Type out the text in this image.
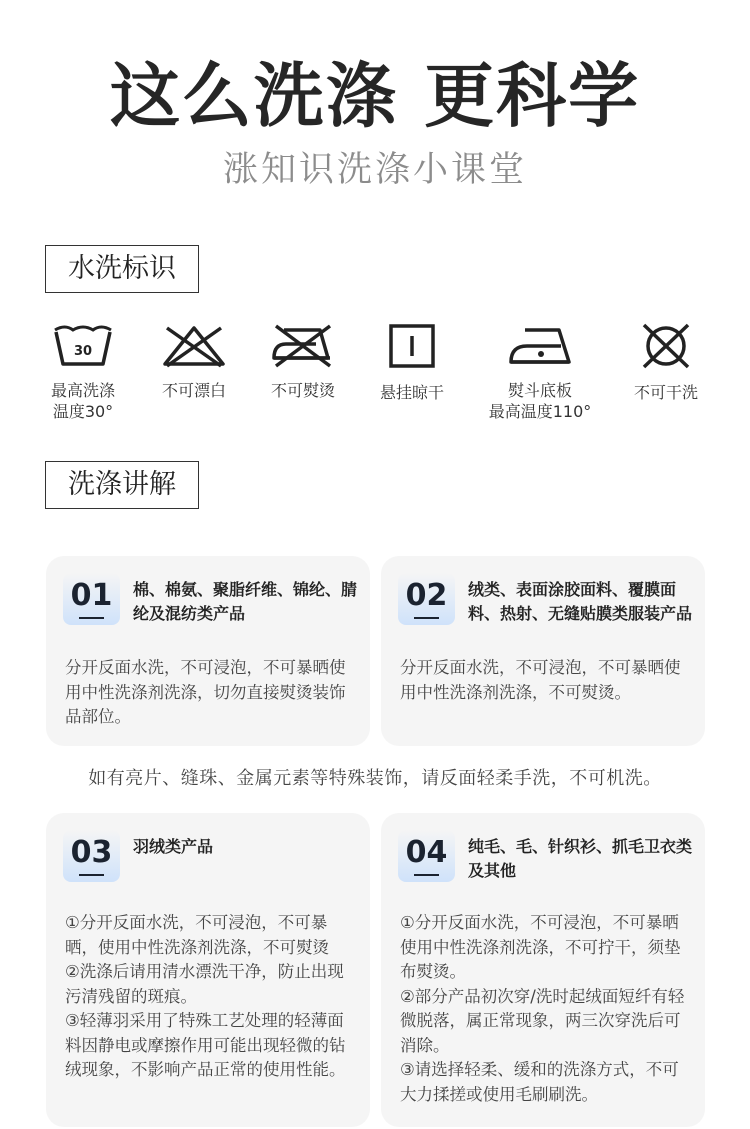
这么洗涤 更科学
涨知识洗涤小课堂
水洗标识
30
最高洗涤
温度30°
不可漂白	不可熨烫	悬挂晾干	熨斗底板
最高温度110°
不可干洗
洗涤讲解
01	棉、棉氨、聚脂纤维、锦纶、腈纶及混纺类产品

分开反面水洗，不可浸泡，不可暴晒使用中性洗涤剂洗涤，切勿直接熨烫装饰品部位。

02	绒类、表面涂胶面料、覆膜面料、热射、无缝贴膜类服装产品

分开反面水洗，不可浸泡，不可暴晒使用中性洗涤剂洗涤，不可熨烫。

如有亮片、缝珠、金属元素等特殊装饰，请反面轻柔手洗，不可机洗。
03	羽绒类产品

①分开反面水洗，不可浸泡，不可暴晒，使用中性洗涤剂洗涤，不可熨烫

②洗涤后请用清水漂洗干净，防止出现污清残留的斑痕。

③轻薄羽采用了特殊工艺处理的轻薄面料因静电或摩擦作用可能出现轻微的钻绒现象，不影响产品正常的使用性能。

04	纯毛、毛、针织衫、抓毛卫衣类及其他

①分开反面水洗，不可浸泡，不可暴晒使用中性洗涤剂洗涤，不可拧干，须垫布熨烫。

②部分产品初次穿/洗时起绒面短纤有轻微脱落，属正常现象，两三次穿洗后可消除。

③请选择轻柔、缓和的洗涤方式，不可大力揉搓或使用毛刷刷洗。
